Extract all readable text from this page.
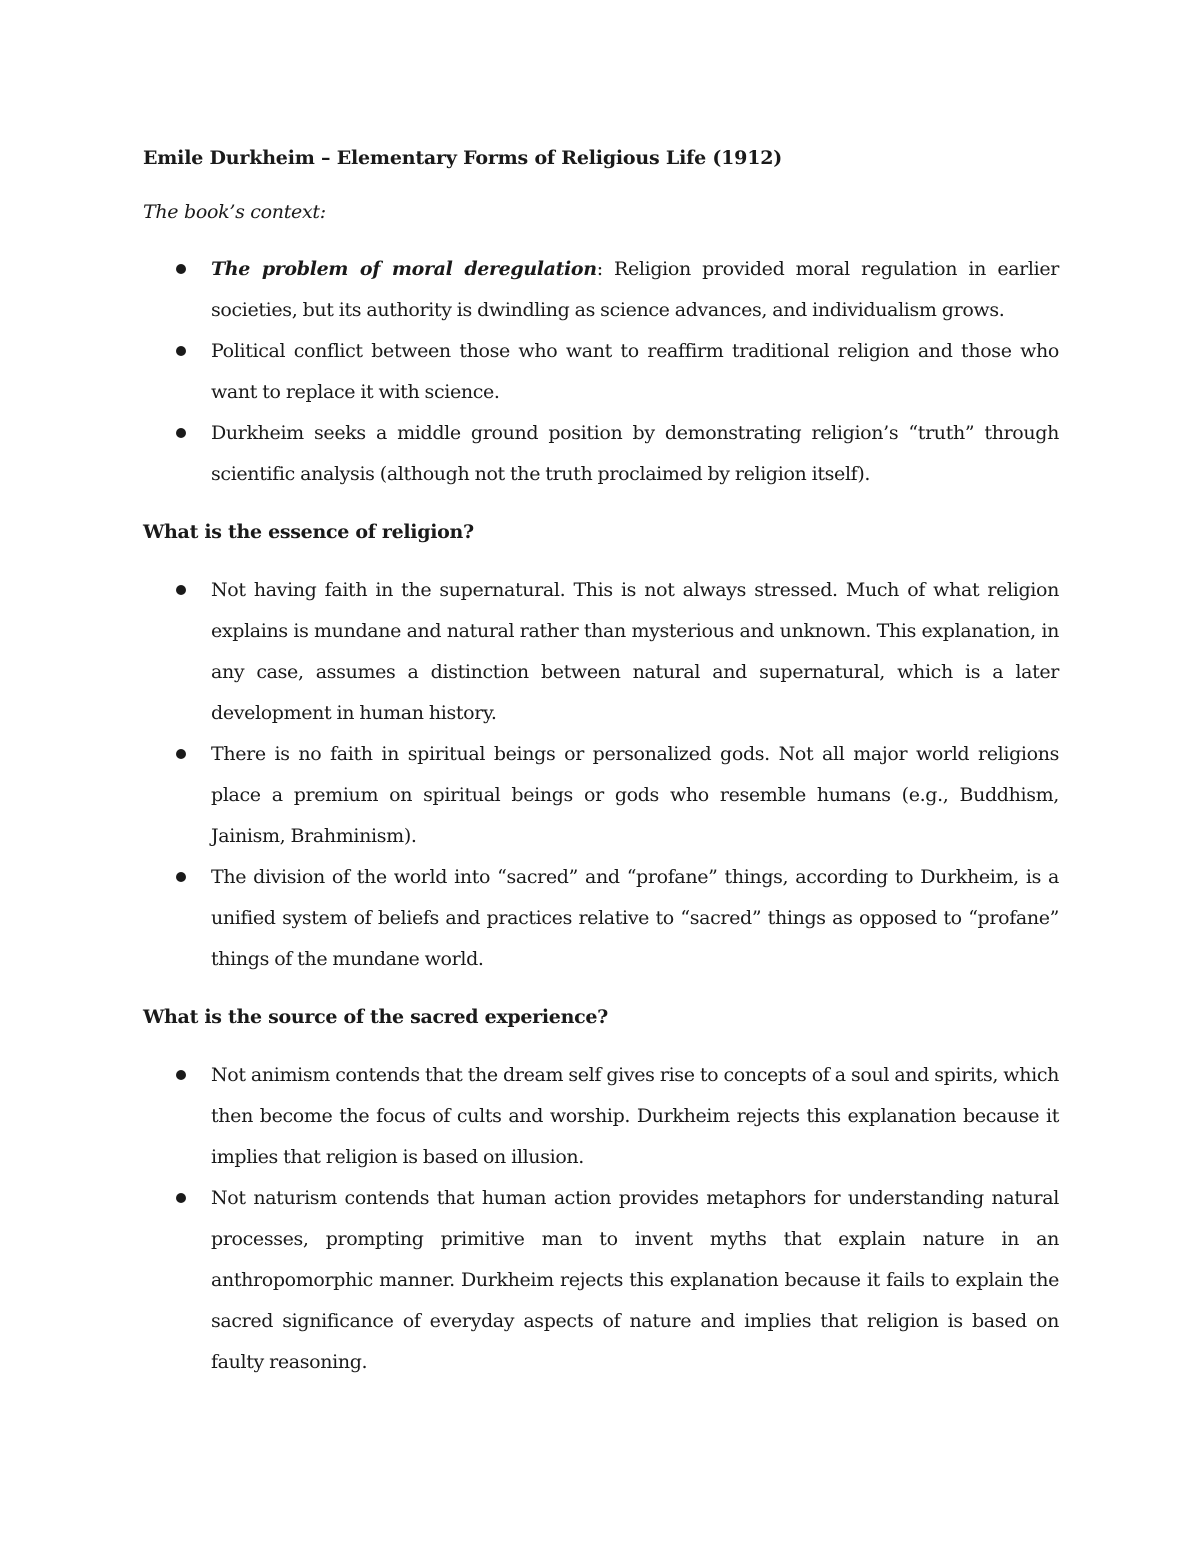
Emile Durkheim – Elementary Forms of Religious Life (1912)

The book’s context:

The problem of moral deregulation: Religion provided moral regulation in earlier societies, but its authority is dwindling as science advances, and individualism grows.
Political conflict between those who want to reaffirm traditional religion and those who want to replace it with science.
Durkheim seeks a middle ground position by demonstrating religion’s “truth” through scientific analysis (although not the truth proclaimed by religion itself).

What is the essence of religion?

Not having faith in the supernatural. This is not always stressed. Much of what religion explains is mundane and natural rather than mysterious and unknown. This explanation, in any case, assumes a distinction between natural and supernatural, which is a later development in human history.
There is no faith in spiritual beings or personalized gods. Not all major world religions place a premium on spiritual beings or gods who resemble humans (e.g., Buddhism, Jainism, Brahminism).
The division of the world into “sacred” and “profane” things, according to Durkheim, is a unified system of beliefs and practices relative to “sacred” things as opposed to “profane” things of the mundane world.

What is the source of the sacred experience?

Not animism contends that the dream self gives rise to concepts of a soul and spirits, which then become the focus of cults and worship. Durkheim rejects this explanation because it implies that religion is based on illusion.
Not naturism contends that human action provides metaphors for understanding natural processes, prompting primitive man to invent myths that explain nature in an anthropomorphic manner. Durkheim rejects this explanation because it fails to explain the sacred significance of everyday aspects of nature and implies that religion is based on faulty reasoning.
